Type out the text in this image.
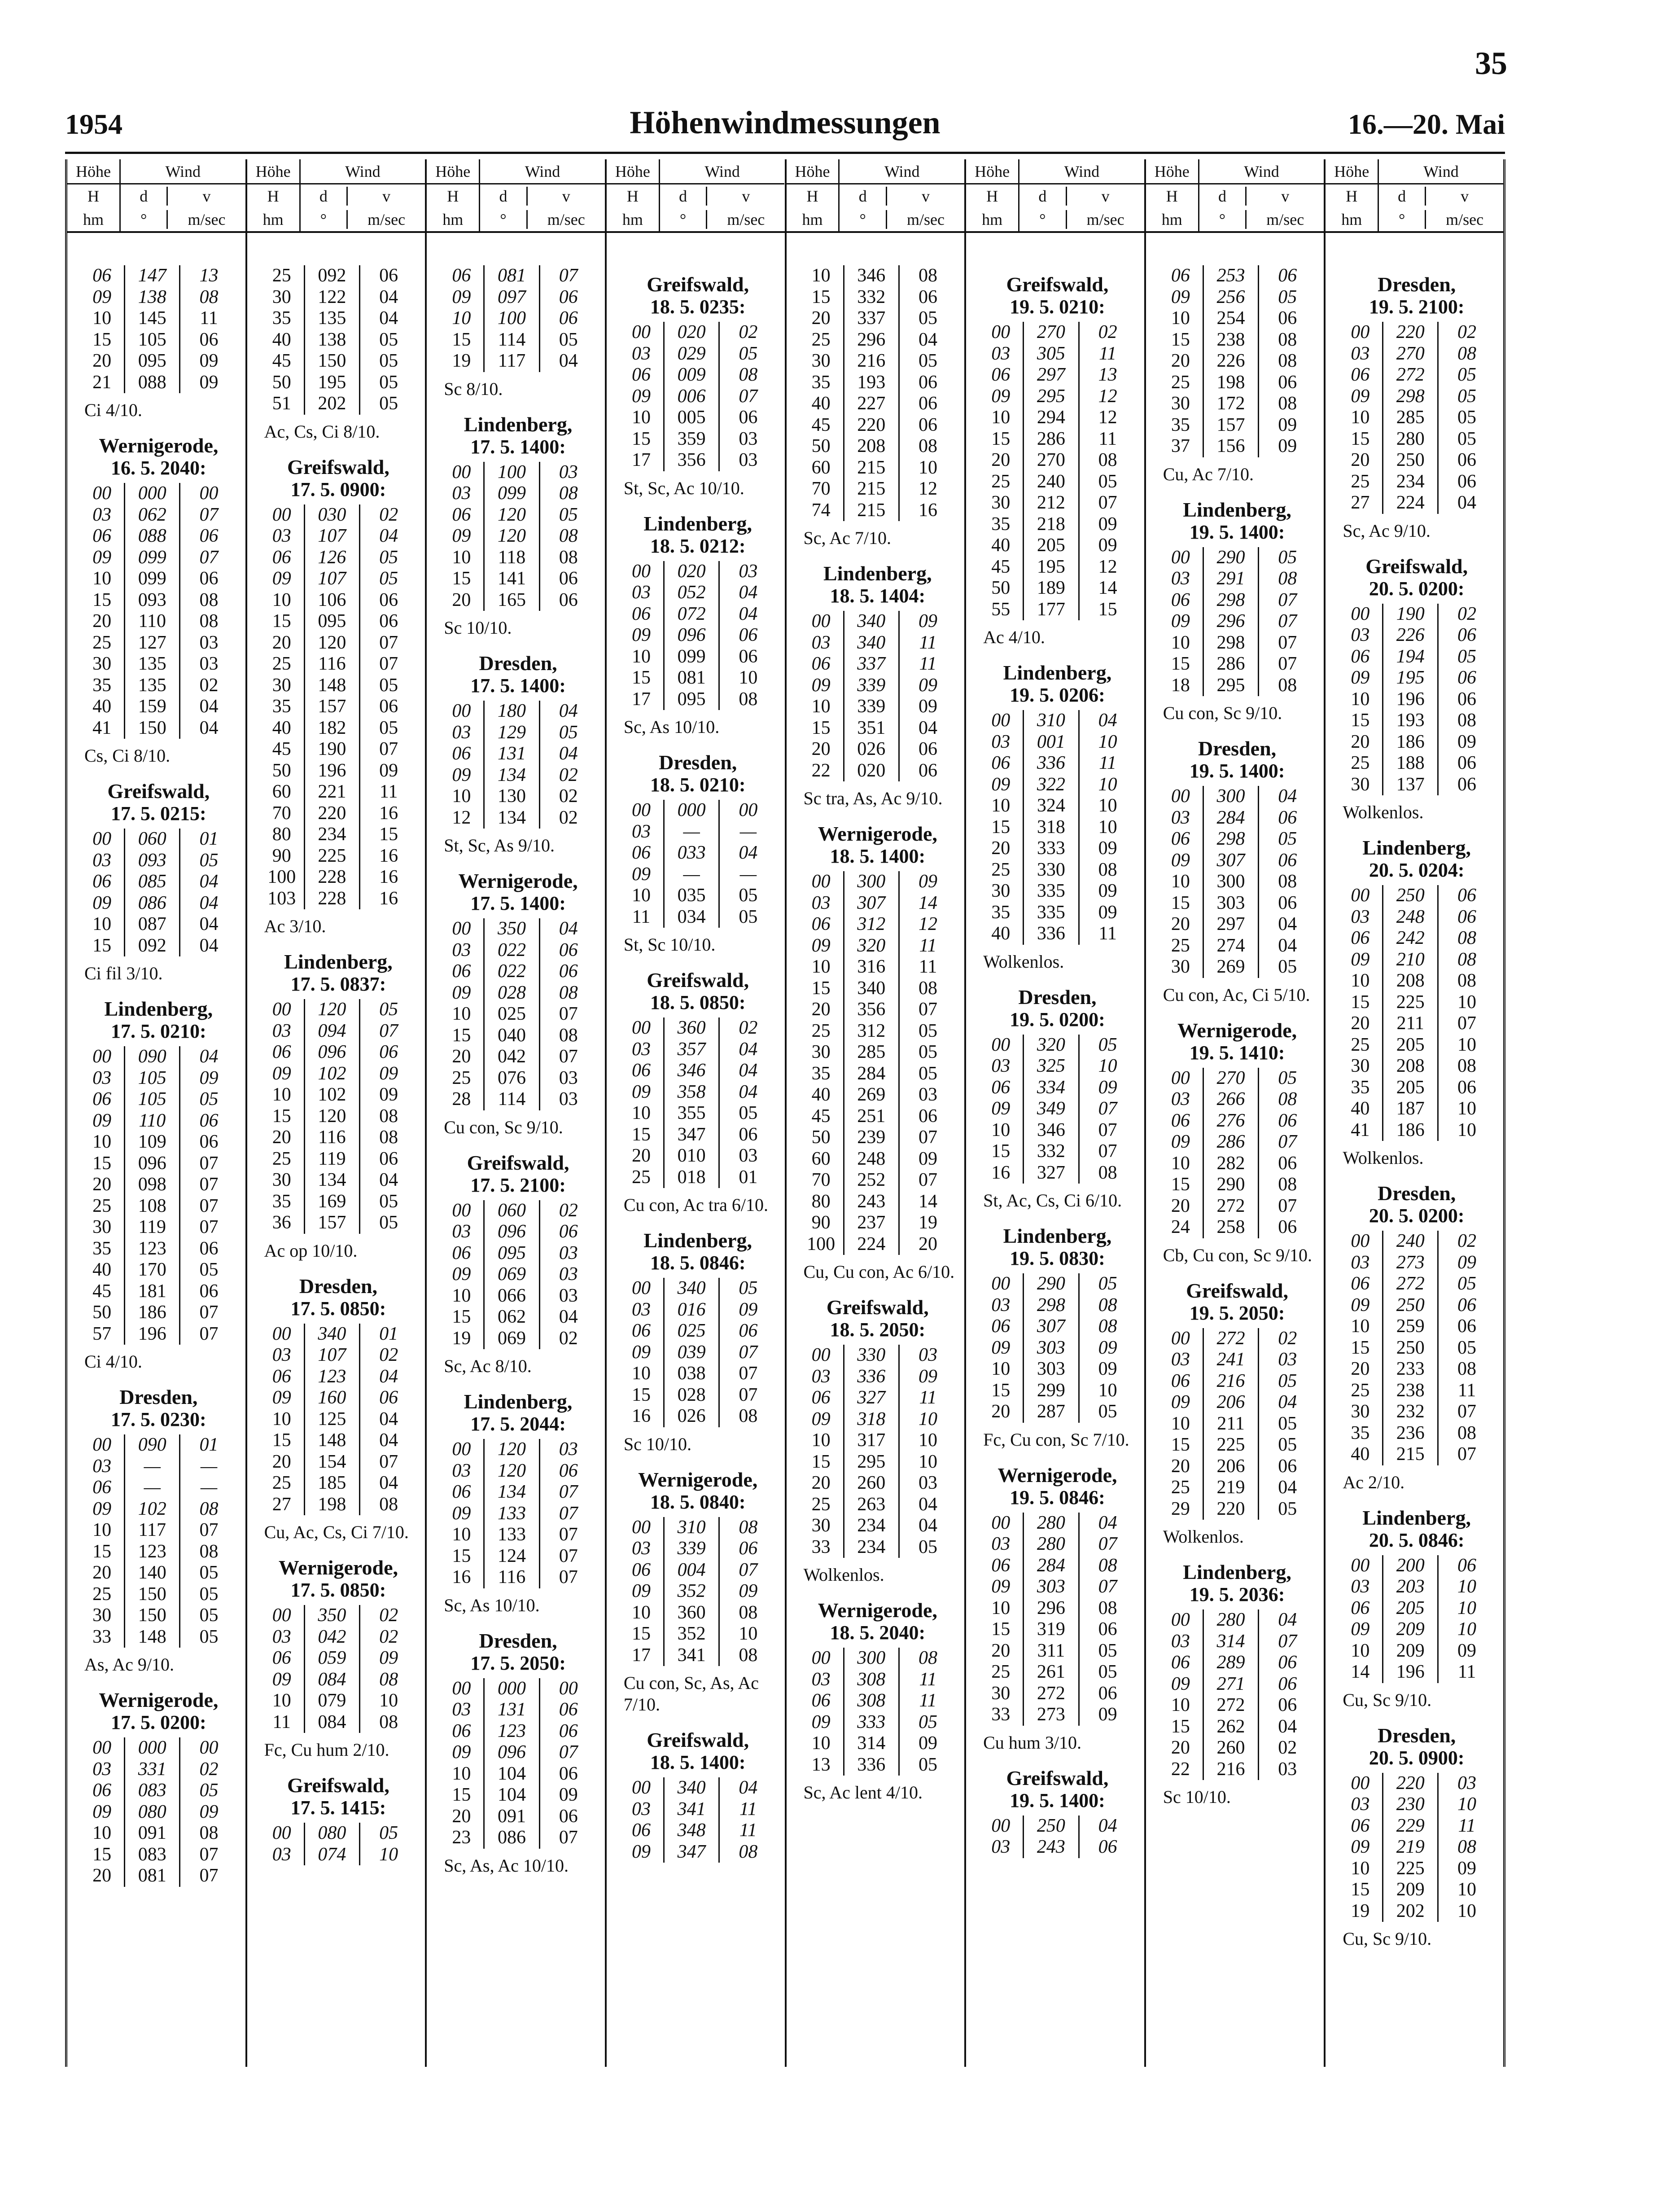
35
1954	Höhenwindmessungen	16.—20. Mai
Höhe	Wind
H	d	v
hm	°	m/sec
06	147	13
09	138	08
10	145	11
15	105	06
20	095	09
21	088	09
Ci 4/10.
Wernigerode,
16. 5. 2040:
00	000	00
03	062	07
06	088	06
09	099	07
10	099	06
15	093	08
20	110	08
25	127	03
30	135	03
35	135	02
40	159	04
41	150	04
Cs, Ci 8/10.
Greifswald,
17. 5. 0215:
00	060	01
03	093	05
06	085	04
09	086	04
10	087	04
15	092	04
Ci fil 3/10.
Lindenberg,
17. 5. 0210:
00	090	04
03	105	09
06	105	05
09	110	06
10	109	06
15	096	07
20	098	07
25	108	07
30	119	07
35	123	06
40	170	05
45	181	06
50	186	07
57	196	07
Ci 4/10.
Dresden,
17. 5. 0230:
00	090	01
03	—	—
06	—	—
09	102	08
10	117	07
15	123	08
20	140	05
25	150	05
30	150	05
33	148	05
As, Ac 9/10.
Wernigerode,
17. 5. 0200:
00	000	00
03	331	02
06	083	05
09	080	09
10	091	08
15	083	07
20	081	07
Höhe	Wind
H	d	v
hm	°	m/sec
25	092	06
30	122	04
35	135	04
40	138	05
45	150	05
50	195	05
51	202	05
Ac, Cs, Ci 8/10.
Greifswald,
17. 5. 0900:
00	030	02
03	107	04
06	126	05
09	107	05
10	106	06
15	095	06
20	120	07
25	116	07
30	148	05
35	157	06
40	182	05
45	190	07
50	196	09
60	221	11
70	220	16
80	234	15
90	225	16
100	228	16
103	228	16
Ac 3/10.
Lindenberg,
17. 5. 0837:
00	120	05
03	094	07
06	096	06
09	102	09
10	102	09
15	120	08
20	116	08
25	119	06
30	134	04
35	169	05
36	157	05
Ac op 10/10.
Dresden,
17. 5. 0850:
00	340	01
03	107	02
06	123	04
09	160	06
10	125	04
15	148	04
20	154	07
25	185	04
27	198	08
Cu, Ac, Cs, Ci 7/10.
Wernigerode,
17. 5. 0850:
00	350	02
03	042	02
06	059	09
09	084	08
10	079	10
11	084	08
Fc, Cu hum 2/10.
Greifswald,
17. 5. 1415:
00	080	05
03	074	10
Höhe	Wind
H	d	v
hm	°	m/sec
06	081	07
09	097	06
10	100	06
15	114	05
19	117	04
Sc 8/10.
Lindenberg,
17. 5. 1400:
00	100	03
03	099	08
06	120	05
09	120	08
10	118	08
15	141	06
20	165	06
Sc 10/10.
Dresden,
17. 5. 1400:
00	180	04
03	129	05
06	131	04
09	134	02
10	130	02
12	134	02
St, Sc, As 9/10.
Wernigerode,
17. 5. 1400:
00	350	04
03	022	06
06	022	06
09	028	08
10	025	07
15	040	08
20	042	07
25	076	03
28	114	03
Cu con, Sc 9/10.
Greifswald,
17. 5. 2100:
00	060	02
03	096	06
06	095	03
09	069	03
10	066	03
15	062	04
19	069	02
Sc, Ac 8/10.
Lindenberg,
17. 5. 2044:
00	120	03
03	120	06
06	134	07
09	133	07
10	133	07
15	124	07
16	116	07
Sc, As 10/10.
Dresden,
17. 5. 2050:
00	000	00
03	131	06
06	123	06
09	096	07
10	104	06
15	104	09
20	091	06
23	086	07
Sc, As, Ac 10/10.
Höhe	Wind
H	d	v
hm	°	m/sec
Greifswald,
18. 5. 0235:
00	020	02
03	029	05
06	009	08
09	006	07
10	005	06
15	359	03
17	356	03
St, Sc, Ac 10/10.
Lindenberg,
18. 5. 0212:
00	020	03
03	052	04
06	072	04
09	096	06
10	099	06
15	081	10
17	095	08
Sc, As 10/10.
Dresden,
18. 5. 0210:
00	000	00
03	—	—
06	033	04
09	—	—
10	035	05
11	034	05
St, Sc 10/10.
Greifswald,
18. 5. 0850:
00	360	02
03	357	04
06	346	04
09	358	04
10	355	05
15	347	06
20	010	03
25	018	01
Cu con, Ac tra 6/10.
Lindenberg,
18. 5. 0846:
00	340	05
03	016	09
06	025	06
09	039	07
10	038	07
15	028	07
16	026	08
Sc 10/10.
Wernigerode,
18. 5. 0840:
00	310	08
03	339	06
06	004	07
09	352	09
10	360	08
15	352	10
17	341	08
Cu con, Sc, As, Ac 7/10.
Greifswald,
18. 5. 1400:
00	340	04
03	341	11
06	348	11
09	347	08
Höhe	Wind
H	d	v
hm	°	m/sec
10	346	08
15	332	06
20	337	05
25	296	04
30	216	05
35	193	06
40	227	06
45	220	06
50	208	08
60	215	10
70	215	12
74	215	16
Sc, Ac 7/10.
Lindenberg,
18. 5. 1404:
00	340	09
03	340	11
06	337	11
09	339	09
10	339	09
15	351	04
20	026	06
22	020	06
Sc tra, As, Ac 9/10.
Wernigerode,
18. 5. 1400:
00	300	09
03	307	14
06	312	12
09	320	11
10	316	11
15	340	08
20	356	07
25	312	05
30	285	05
35	284	05
40	269	03
45	251	06
50	239	07
60	248	09
70	252	07
80	243	14
90	237	19
100	224	20
Cu, Cu con, Ac 6/10.
Greifswald,
18. 5. 2050:
00	330	03
03	336	09
06	327	11
09	318	10
10	317	10
15	295	10
20	260	03
25	263	04
30	234	04
33	234	05
Wolkenlos.
Wernigerode,
18. 5. 2040:
00	300	08
03	308	11
06	308	11
09	333	05
10	314	09
13	336	05
Sc, Ac lent 4/10.
Höhe	Wind
H	d	v
hm	°	m/sec
Greifswald,
19. 5. 0210:
00	270	02
03	305	11
06	297	13
09	295	12
10	294	12
15	286	11
20	270	08
25	240	05
30	212	07
35	218	09
40	205	09
45	195	12
50	189	14
55	177	15
Ac 4/10.
Lindenberg,
19. 5. 0206:
00	310	04
03	001	10
06	336	11
09	322	10
10	324	10
15	318	10
20	333	09
25	330	08
30	335	09
35	335	09
40	336	11
Wolkenlos.
Dresden,
19. 5. 0200:
00	320	05
03	325	10
06	334	09
09	349	07
10	346	07
15	332	07
16	327	08
St, Ac, Cs, Ci 6/10.
Lindenberg,
19. 5. 0830:
00	290	05
03	298	08
06	307	08
09	303	09
10	303	09
15	299	10
20	287	05
Fc, Cu con, Sc 7/10.
Wernigerode,
19. 5. 0846:
00	280	04
03	280	07
06	284	08
09	303	07
10	296	08
15	319	06
20	311	05
25	261	05
30	272	06
33	273	09
Cu hum 3/10.
Greifswald,
19. 5. 1400:
00	250	04
03	243	06
Höhe	Wind
H	d	v
hm	°	m/sec
06	253	06
09	256	05
10	254	06
15	238	08
20	226	08
25	198	06
30	172	08
35	157	09
37	156	09
Cu, Ac 7/10.
Lindenberg,
19. 5. 1400:
00	290	05
03	291	08
06	298	07
09	296	07
10	298	07
15	286	07
18	295	08
Cu con, Sc 9/10.
Dresden,
19. 5. 1400:
00	300	04
03	284	06
06	298	05
09	307	06
10	300	08
15	303	06
20	297	04
25	274	04
30	269	05
Cu con, Ac, Ci 5/10.
Wernigerode,
19. 5. 1410:
00	270	05
03	266	08
06	276	06
09	286	07
10	282	06
15	290	08
20	272	07
24	258	06
Cb, Cu con, Sc 9/10.
Greifswald,
19. 5. 2050:
00	272	02
03	241	03
06	216	05
09	206	04
10	211	05
15	225	05
20	206	06
25	219	04
29	220	05
Wolkenlos.
Lindenberg,
19. 5. 2036:
00	280	04
03	314	07
06	289	06
09	271	06
10	272	06
15	262	04
20	260	02
22	216	03
Sc 10/10.
Höhe	Wind
H	d	v
hm	°	m/sec
Dresden,
19. 5. 2100:
00	220	02
03	270	08
06	272	05
09	298	05
10	285	05
15	280	05
20	250	06
25	234	06
27	224	04
Sc, Ac 9/10.
Greifswald,
20. 5. 0200:
00	190	02
03	226	06
06	194	05
09	195	06
10	196	06
15	193	08
20	186	09
25	188	06
30	137	06
Wolkenlos.
Lindenberg,
20. 5. 0204:
00	250	06
03	248	06
06	242	08
09	210	08
10	208	08
15	225	10
20	211	07
25	205	10
30	208	08
35	205	06
40	187	10
41	186	10
Wolkenlos.
Dresden,
20. 5. 0200:
00	240	02
03	273	09
06	272	05
09	250	06
10	259	06
15	250	05
20	233	08
25	238	11
30	232	07
35	236	08
40	215	07
Ac 2/10.
Lindenberg,
20. 5. 0846:
00	200	06
03	203	10
06	205	10
09	209	10
10	209	09
14	196	11
Cu, Sc 9/10.
Dresden,
20. 5. 0900:
00	220	03
03	230	10
06	229	11
09	219	08
10	225	09
15	209	10
19	202	10
Cu, Sc 9/10.
